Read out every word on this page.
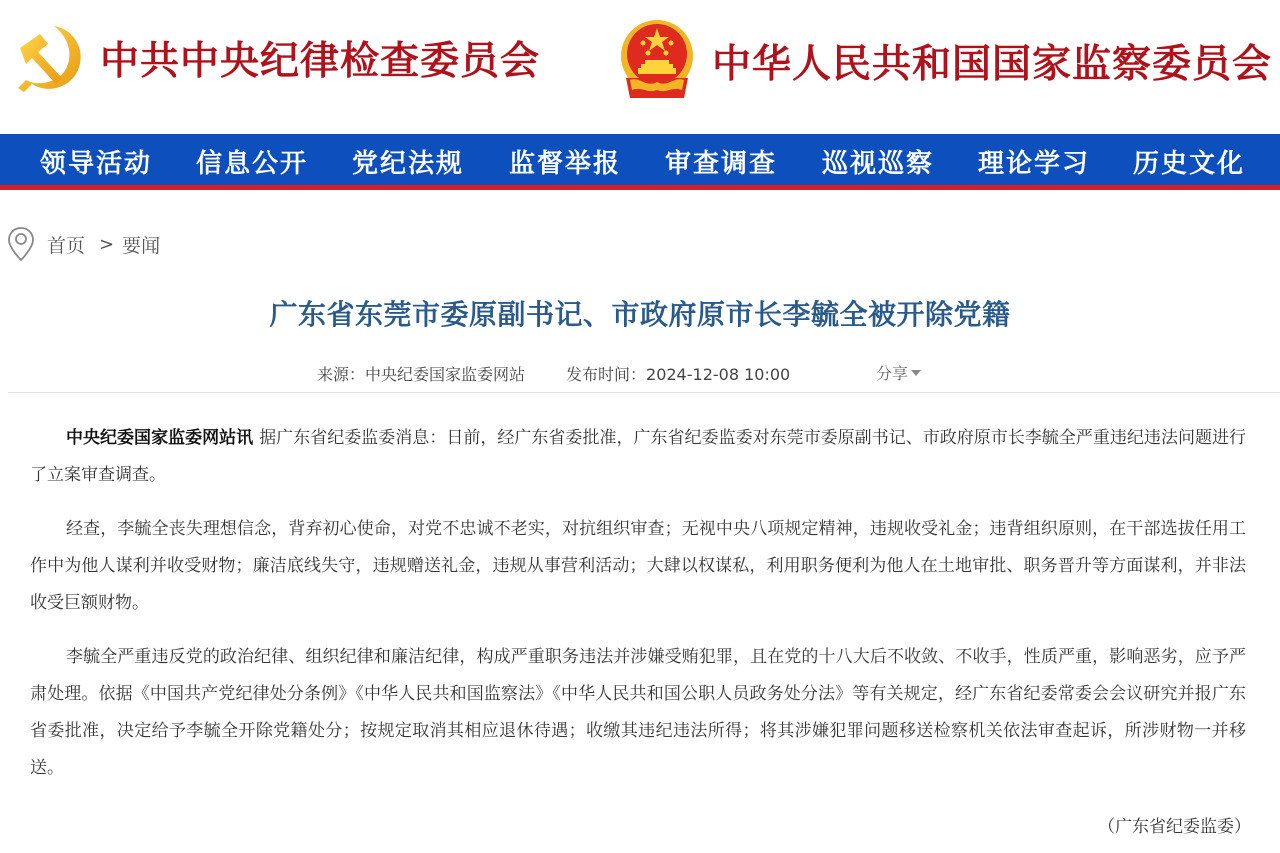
中共中央纪律检查委员会	中华人民共和国国家监察委员会
领导活动 信息公开 党纪法规 监督举报 审查调查 巡视巡察 理论学习 历史文化
首页 > 要闻
广东省东莞市委原副书记、市政府原市长李毓全被开除党籍
来源：中央纪委国家监委网站	发布时间：2024-12-08 10:00	分享

中央纪委国家监委网站讯 据广东省纪委监委消息：日前，经广东省委批准，广东省纪委监委对东莞市委原副书记、市政府原市长李毓全严重违纪违法问题进行了立案审查调查。

经查，李毓全丧失理想信念，背弃初心使命，对党不忠诚不老实，对抗组织审查；无视中央八项规定精神，违规收受礼金；违背组织原则，在干部选拔任用工作中为他人谋利并收受财物；廉洁底线失守，违规赠送礼金，违规从事营利活动；大肆以权谋私，利用职务便利为他人在土地审批、职务晋升等方面谋利，并非法收受巨额财物。

李毓全严重违反党的政治纪律、组织纪律和廉洁纪律，构成严重职务违法并涉嫌受贿犯罪，且在党的十八大后不收敛、不收手，性质严重，影响恶劣，应予严肃处理。依据《中国共产党纪律处分条例》《中华人民共和国监察法》《中华人民共和国公职人员政务处分法》等有关规定，经广东省纪委常委会会议研究并报广东省委批准，决定给予李毓全开除党籍处分；按规定取消其相应退休待遇；收缴其违纪违法所得；将其涉嫌犯罪问题移送检察机关依法审查起诉，所涉财物一并移送。

（广东省纪委监委）
